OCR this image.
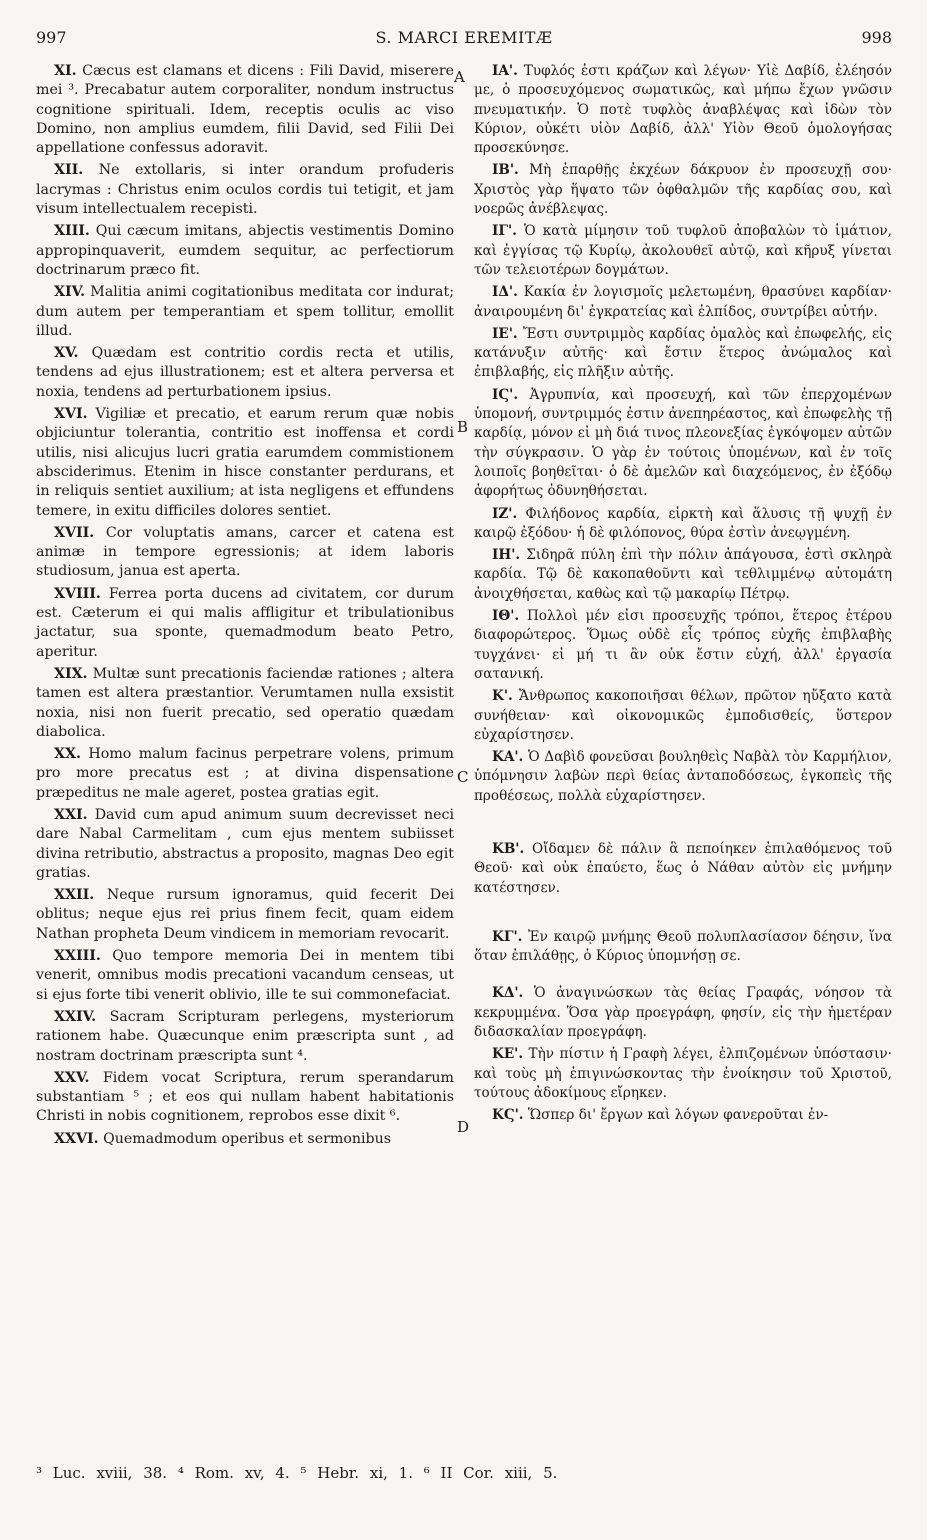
997	S. MARCI EREMITÆ	998

XI. Cæcus est clamans et dicens : Fili David, miserere mei ³. Precabatur autem corporaliter, nondum instructus cognitione spirituali. Idem, receptis oculis ac viso Domino, non amplius eumdem, filii David, sed Filii Dei appellatione confessus adoravit.

XII. Ne extollaris, si inter orandum profuderis lacrymas : Christus enim oculos cordis tui tetigit, et jam visum intellectualem recepisti.

XIII. Qui cæcum imitans, abjectis vestimentis Domino appropinquaverit, eumdem sequitur, ac perfectiorum doctrinarum præco fit.

XIV. Malitia animi cogitationibus meditata cor indurat; dum autem per temperantiam et spem tollitur, emollit illud.

XV. Quædam est contritio cordis recta et utilis, tendens ad ejus illustrationem; est et altera perversa et noxia, tendens ad perturbationem ipsius.

XVI. Vigiliæ et precatio, et earum rerum quæ nobis objiciuntur tolerantia, contritio est inoffensa et cordi utilis, nisi alicujus lucri gratia earumdem commistionem absciderimus. Etenim in hisce constanter perdurans, et in reliquis sentiet auxilium; at ista negligens et effundens temere, in exitu difficiles dolores sentiet.

XVII. Cor voluptatis amans, carcer et catena est animæ in tempore egressionis; at idem laboris studiosum, janua est aperta.

XVIII. Ferrea porta ducens ad civitatem, cor durum est. Cæterum ei qui malis affligitur et tribulationibus jactatur, sua sponte, quemadmodum beato Petro, aperitur.

XIX. Multæ sunt precationis faciendæ rationes ; altera tamen est altera præstantior. Verumtamen nulla exsistit noxia, nisi non fuerit precatio, sed operatio quædam diabolica.

XX. Homo malum facinus perpetrare volens, primum pro more precatus est ; at divina dispensatione præpeditus ne male ageret, postea gratias egit.

XXI. David cum apud animum suum decrevisset neci dare Nabal Carmelitam , cum ejus mentem subiisset divina retributio, abstractus a proposito, magnas Deo egit gratias.

XXII. Neque rursum ignoramus, quid fecerit Dei oblitus; neque ejus rei prius finem fecit, quam eidem Nathan propheta Deum vindicem in memoriam revocarit.

XXIII. Quo tempore memoria Dei in mentem tibi venerit, omnibus modis precationi vacandum censeas, ut si ejus forte tibi venerit oblivio, ille te sui commonefaciat.

XXIV. Sacram Scripturam perlegens, mysteriorum rationem habe. Quæcunque enim præscripta sunt , ad nostram doctrinam præscripta sunt ⁴.

XXV. Fidem vocat Scriptura, rerum sperandarum substantiam ⁵ ; et eos qui nullam habent habitationis Christi in nobis cognitionem, reprobos esse dixit ⁶.

XXVI. Quemadmodum operibus et sermonibus

ΙΑ'. Τυφλός ἐστι κράζων καὶ λέγων· Υἱὲ Δαβίδ, ἐλέησόν με, ὁ προσευχόμενος σωματικῶς, καὶ μήπω ἔχων γνῶσιν πνευματικήν. Ὁ ποτὲ τυφλὸς ἀναβλέψας καὶ ἰδὼν τὸν Κύριον, οὐκέτι υἱὸν Δαβίδ, ἀλλ' Υἱὸν Θεοῦ ὁμολογήσας προσεκύνησε.

ΙΒ'. Μὴ ἐπαρθῇς ἐκχέων δάκρυον ἐν προσευχῇ σου· Χριστὸς γὰρ ἥψατο τῶν ὀφθαλμῶν τῆς καρδίας σου, καὶ νοερῶς ἀνέβλεψας.

ΙΓ'. Ὁ κατὰ μίμησιν τοῦ τυφλοῦ ἀποβαλὼν τὸ ἱμάτιον, καὶ ἐγγίσας τῷ Κυρίῳ, ἀκολουθεῖ αὐτῷ, καὶ κῆρυξ γίνεται τῶν τελειοτέρων δογμάτων.

ΙΔ'. Κακία ἐν λογισμοῖς μελετωμένη, θρασύνει καρδίαν· ἀναιρουμένη δι' ἐγκρατείας καὶ ἐλπίδος, συντρίβει αὐτήν.

ΙΕ'. Ἔστι συντριμμὸς καρδίας ὁμαλὸς καὶ ἐπωφελής, εἰς κατάνυξιν αὐτῆς· καὶ ἔστιν ἕτερος ἀνώμαλος καὶ ἐπιβλαβής, εἰς πλῆξιν αὐτῆς.

ΙϚ'. Ἀγρυπνία, καὶ προσευχή, καὶ τῶν ἐπερχομένων ὑπομονή, συντριμμός ἐστιν ἀνεπηρέαστος, καὶ ἐπωφελὴς τῇ καρδίᾳ, μόνον εἰ μὴ διά τινος πλεονεξίας ἐγκόψομεν αὐτῶν τὴν σύγκρασιν. Ὁ γὰρ ἐν τούτοις ὑπομένων, καὶ ἐν τοῖς λοιποῖς βοηθεῖται· ὁ δὲ ἀμελῶν καὶ διαχεόμενος, ἐν ἐξόδῳ ἀφορήτως ὀδυνηθήσεται.

ΙΖ'. Φιλήδονος καρδία, εἱρκτὴ καὶ ἅλυσις τῇ ψυχῇ ἐν καιρῷ ἐξόδου· ἡ δὲ φιλόπονος, θύρα ἐστὶν ἀνεῳγμένη.

ΙΗ'. Σιδηρᾶ πύλη ἐπὶ τὴν πόλιν ἀπάγουσα, ἐστὶ σκληρὰ καρδία. Τῷ δὲ κακοπαθοῦντι καὶ τεθλιμμένῳ αὐτομάτη ἀνοιχθήσεται, καθὼς καὶ τῷ μακαρίῳ Πέτρῳ.

ΙΘ'. Πολλοὶ μέν εἰσι προσευχῆς τρόποι, ἕτερος ἑτέρου διαφορώτερος. Ὅμως οὐδὲ εἷς τρόπος εὐχῆς ἐπιβλαβὴς τυγχάνει· εἰ μή τι ἂν οὐκ ἔστιν εὐχή, ἀλλ' ἐργασία σατανική.

Κ'. Ἄνθρωπος κακοποιῆσαι θέλων, πρῶτον ηὔξατο κατὰ συνήθειαν· καὶ οἰκονομικῶς ἐμποδισθείς, ὕστερον εὐχαρίστησεν.

ΚΑ'. Ὁ Δαβὶδ φονεῦσαι βουληθεὶς Ναβὰλ τὸν Καρμήλιον, ὑπόμνησιν λαβὼν περὶ θείας ἀνταποδόσεως, ἐγκοπεὶς τῆς προθέσεως, πολλὰ εὐχαρίστησεν.

ΚΒ'. Οἴδαμεν δὲ πάλιν ἃ πεποίηκεν ἐπιλαθόμενος τοῦ Θεοῦ· καὶ οὐκ ἐπαύετο, ἕως ὁ Νάθαν αὐτὸν εἰς μνήμην κατέστησεν.

ΚΓ'. Ἐν καιρῷ μνήμης Θεοῦ πολυπλασίασον δέησιν, ἵνα ὅταν ἐπιλάθῃς, ὁ Κύριος ὑπομνήσῃ σε.

ΚΔ'. Ὁ ἀναγινώσκων τὰς θείας Γραφάς, νόησον τὰ κεκρυμμένα. Ὅσα γὰρ προεγράφη, φησίν, εἰς τὴν ἡμετέραν διδασκαλίαν προεγράφη.

ΚΕ'. Τὴν πίστιν ἡ Γραφὴ λέγει, ἐλπιζομένων ὑπόστασιν· καὶ τοὺς μὴ ἐπιγινώσκοντας τὴν ἐνοίκησιν τοῦ Χριστοῦ, τούτους ἀδοκίμους εἴρηκεν.

ΚϚ'. Ὥσπερ δι' ἔργων καὶ λόγων φανεροῦται ἐν-

A
B
C
D
³ Luc. xviii, 38. ⁴ Rom. xv, 4. ⁵ Hebr. xi, 1. ⁶ II Cor. xiii, 5.
